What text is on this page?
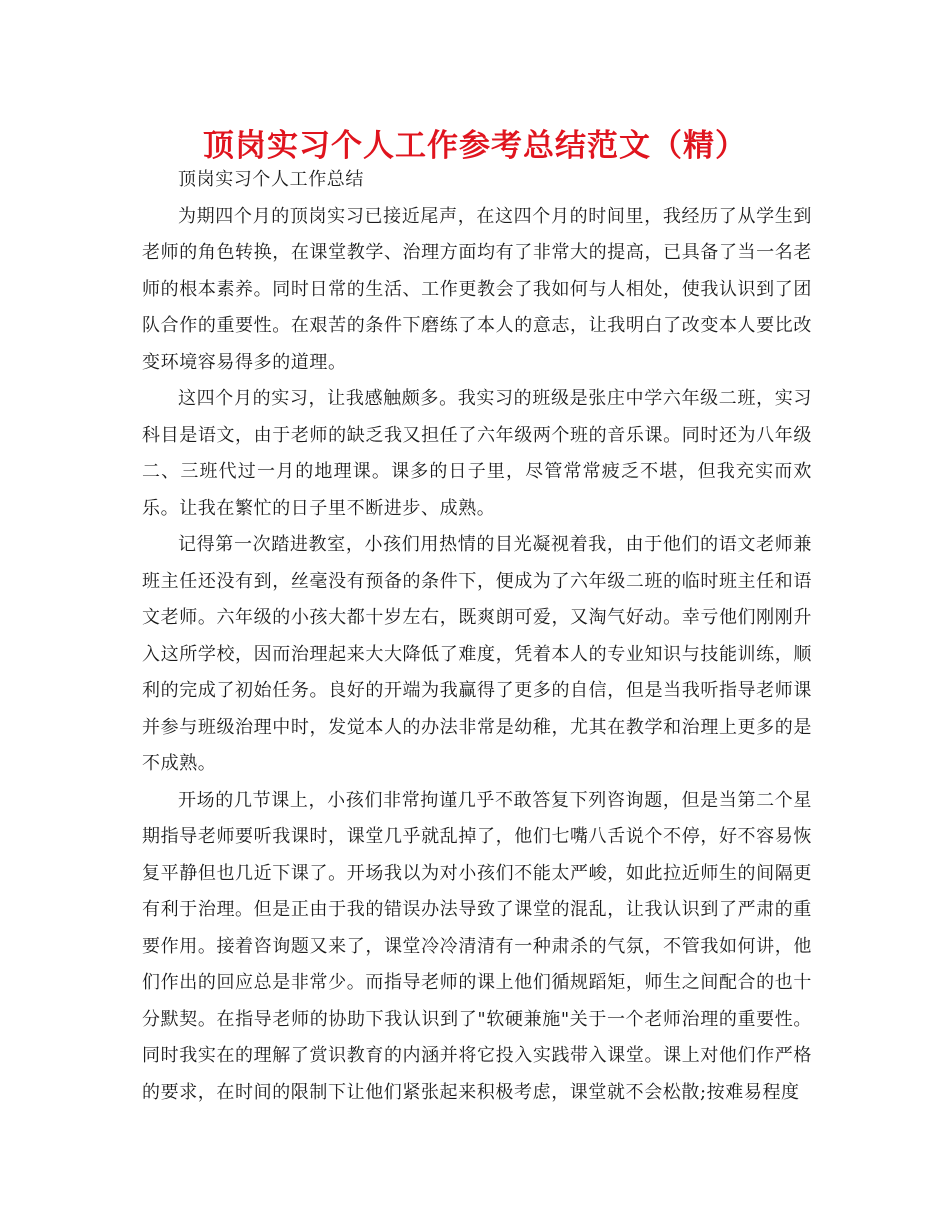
顶岗实习个人工作参考总结范文（精）

顶岗实习个人工作总结

为期四个月的顶岗实习已接近尾声，在这四个月的时间里，我经历了从学生到老师的角色转换，在课堂教学、治理方面均有了非常大的提高，已具备了当一名老师的根本素养。同时日常的生活、工作更教会了我如何与人相处，使我认识到了团队合作的重要性。在艰苦的条件下磨练了本人的意志，让我明白了改变本人要比改变环境容易得多的道理。

这四个月的实习，让我感触颇多。我实习的班级是张庄中学六年级二班，实习科目是语文，由于老师的缺乏我又担任了六年级两个班的音乐课。同时还为八年级二、三班代过一月的地理课。课多的日子里，尽管常常疲乏不堪，但我充实而欢乐。让我在繁忙的日子里不断进步、成熟。

记得第一次踏进教室，小孩们用热情的目光凝视着我，由于他们的语文老师兼班主任还没有到，丝毫没有预备的条件下，便成为了六年级二班的临时班主任和语文老师。六年级的小孩大都十岁左右，既爽朗可爱，又淘气好动。幸亏他们刚刚升入这所学校，因而治理起来大大降低了难度，凭着本人的专业知识与技能训练，顺利的完成了初始任务。良好的开端为我赢得了更多的自信，但是当我听指导老师课并参与班级治理中时，发觉本人的办法非常是幼稚，尤其在教学和治理上更多的是不成熟。

开场的几节课上，小孩们非常拘谨几乎不敢答复下列咨询题，但是当第二个星期指导老师要听我课时，课堂几乎就乱掉了，他们七嘴八舌说个不停，好不容易恢复平静但也几近下课了。开场我以为对小孩们不能太严峻，如此拉近师生的间隔更有利于治理。但是正由于我的错误办法导致了课堂的混乱，让我认识到了严肃的重要作用。接着咨询题又来了，课堂冷冷清清有一种肃杀的气氛，不管我如何讲，他们作出的回应总是非常少。而指导老师的课上他们循规蹈矩，师生之间配合的也十分默契。在指导老师的协助下我认识到了"软硬兼施"关于一个老师治理的重要性。同时我实在的理解了赏识教育的内涵并将它投入实践带入课堂。课上对他们作严格的要求，在时间的限制下让他们紧张起来积极考虑，课堂就不会松散;按难易程度
